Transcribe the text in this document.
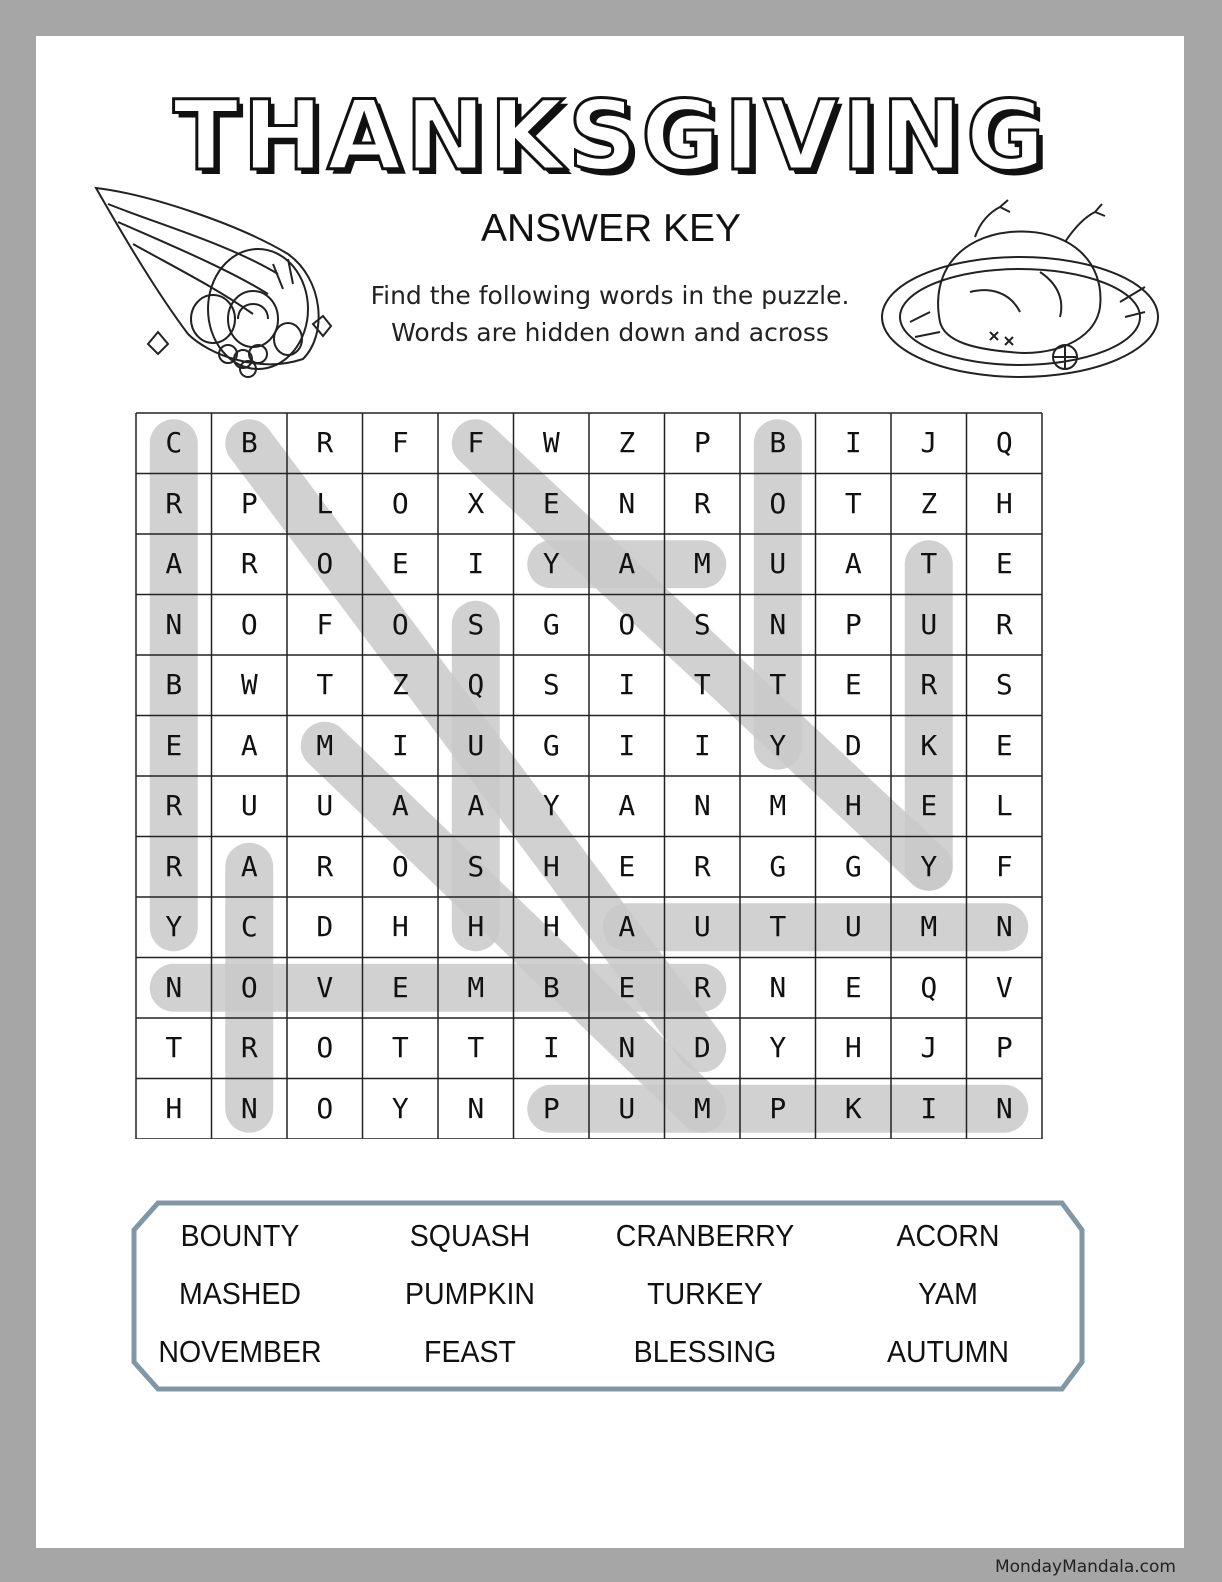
THANKSGIVING
ANSWER KEY
Find the following words in the puzzle.
Words are hidden down and across
C	B	R	F	F	W	Z	P	B	I	J	Q
R	P	L	O	X	E	N	R	O	T	Z	H
A	R	O	E	I	Y	A	M	U	A	T	E
N	O	F	O	S	G	O	S	N	P	U	R
B	W	T	Z	Q	S	I	T	T	E	R	S
E	A	M	I	U	G	I	I	Y	D	K	E
R	U	U	A	A	Y	A	N	M	H	E	L
R	A	R	O	S	H	E	R	G	G	Y	F
Y	C	D	H	H	H	A	U	T	U	M	N
N	O	V	E	M	B	E	R	N	E	Q	V
T	R	O	T	T	I	N	D	Y	H	J	P
H	N	O	Y	N	P	U	M	P	K	I	N
BOUNTY	SQUASH	CRANBERRY	ACORN
MASHED	PUMPKIN	TURKEY	YAM
NOVEMBER	FEAST	BLESSING	AUTUMN
MondayMandala.com
